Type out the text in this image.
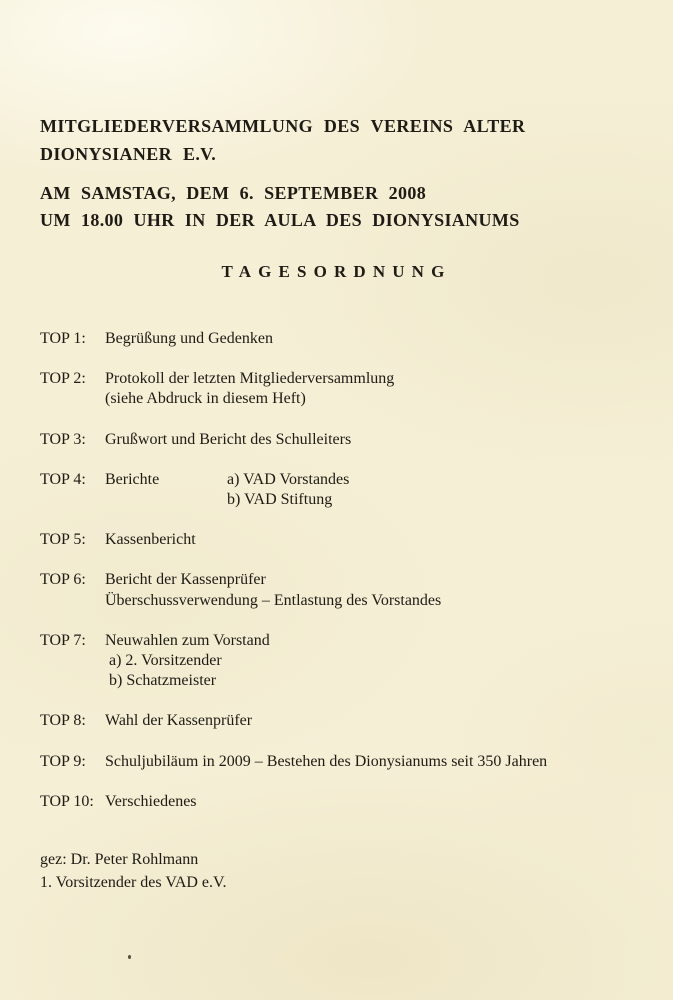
MITGLIEDERVERSAMMLUNG DES VEREINS ALTER
DIONYSIANER E.V.
AM SAMSTAG, DEM 6. SEPTEMBER 2008
UM 18.00 UHR IN DER AULA DES DIONYSIANUMS
TAGESORDNUNG
TOP 1:	Begrüßung und Gedenken
TOP 2:	Protokoll der letzten Mitgliederversammlung
(siehe Abdruck in diesem Heft)
TOP 3:	Grußwort und Bericht des Schulleiters
TOP 4:	Berichte	a) VAD Vorstandes
b) VAD Stiftung
TOP 5:	Kassenbericht
TOP 6:	Bericht der Kassenprüfer
Überschussverwendung – Entlastung des Vorstandes
TOP 7:	Neuwahlen zum Vorstand
a) 2. Vorsitzender
b) Schatzmeister
TOP 8:	Wahl der Kassenprüfer
TOP 9:	Schuljubiläum in 2009 – Bestehen des Dionysianums seit 350 Jahren
TOP 10: Verschiedenes
gez: Dr. Peter Rohlmann
1. Vorsitzender des VAD e.V.
